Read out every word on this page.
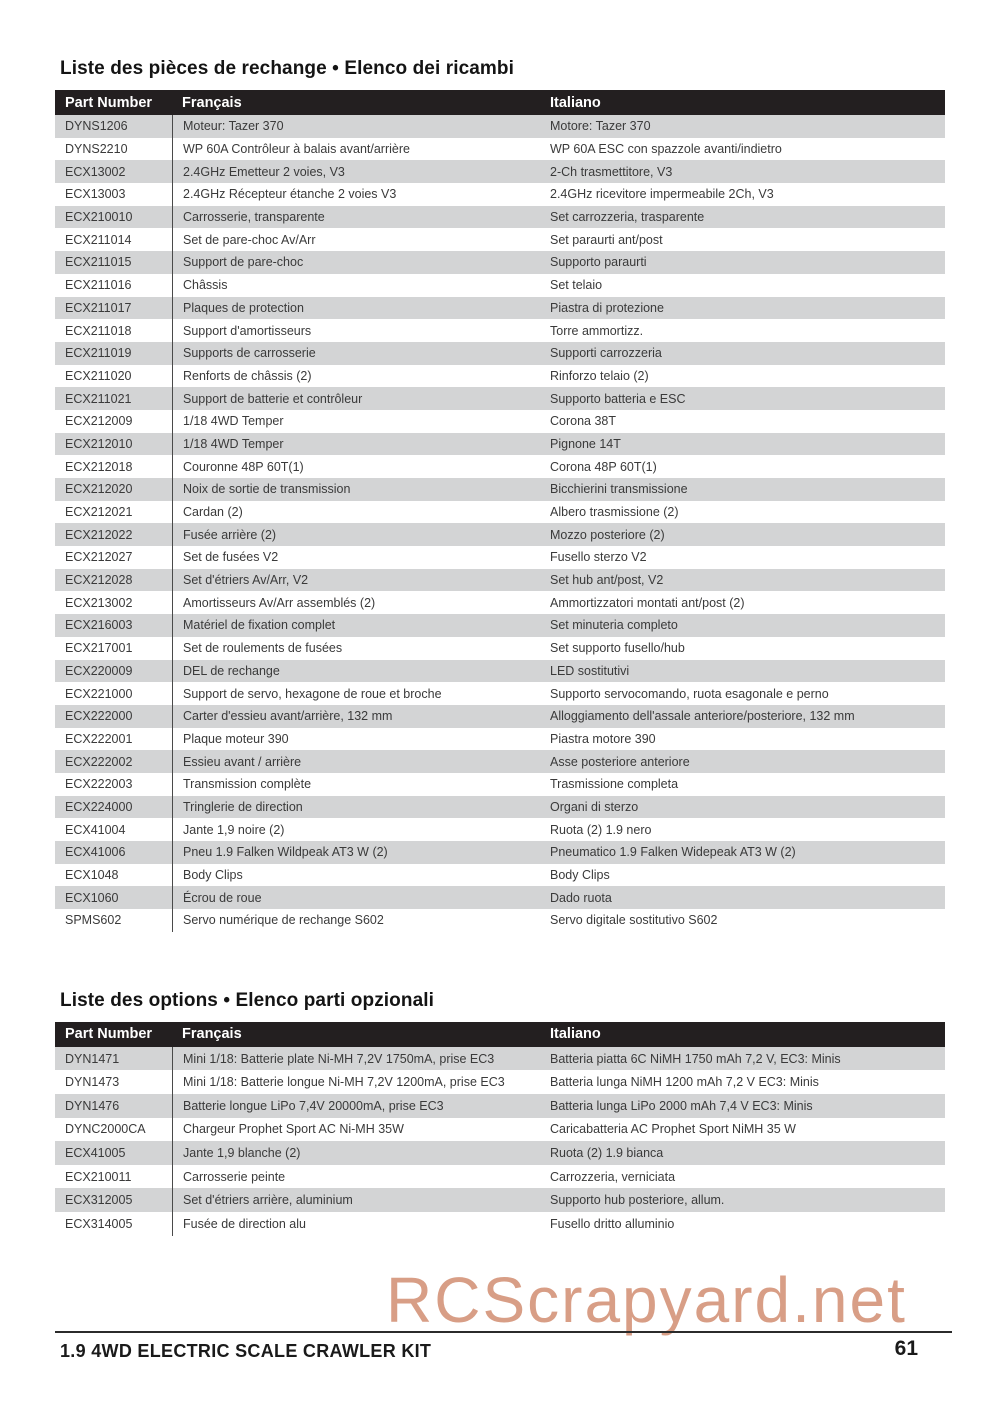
Liste des pièces de rechange • Elenco dei ricambi
Part Number	Français	Italiano
DYNS1206	Moteur: Tazer 370	Motore: Tazer 370
DYNS2210	WP 60A Contrôleur à balais avant/arrière	WP 60A ESC con spazzole avanti/indietro
ECX13002	2.4GHz Emetteur 2 voies, V3	2-Ch trasmettitore, V3
ECX13003	2.4GHz Récepteur étanche 2 voies V3	2.4GHz ricevitore impermeabile 2Ch, V3
ECX210010	Carrosserie, transparente	Set carrozzeria, trasparente
ECX211014	Set de pare-choc Av/Arr	Set paraurti ant/post
ECX211015	Support de pare-choc	Supporto paraurti
ECX211016	Châssis	Set telaio
ECX211017	Plaques de protection	Piastra di protezione
ECX211018	Support d'amortisseurs	Torre ammortizz.
ECX211019	Supports de carrosserie	Supporti carrozzeria
ECX211020	Renforts de châssis (2)	Rinforzo telaio (2)
ECX211021	Support de batterie et contrôleur	Supporto batteria e ESC
ECX212009	1/18 4WD Temper	Corona 38T
ECX212010	1/18 4WD Temper	Pignone 14T
ECX212018	Couronne 48P 60T(1)	Corona 48P 60T(1)
ECX212020	Noix de sortie de transmission	Bicchierini transmissione
ECX212021	Cardan (2)	Albero trasmissione (2)
ECX212022	Fusée arrière (2)	Mozzo posteriore (2)
ECX212027	Set de fusées V2	Fusello sterzo V2
ECX212028	Set d'étriers Av/Arr, V2	Set hub ant/post, V2
ECX213002	Amortisseurs Av/Arr assemblés (2)	Ammortizzatori montati ant/post (2)
ECX216003	Matériel de fixation complet	Set minuteria completo
ECX217001	Set de roulements de fusées	Set supporto fusello/hub
ECX220009	DEL de rechange	LED sostitutivi
ECX221000	Support de servo, hexagone de roue et broche	Supporto servocomando, ruota esagonale e perno
ECX222000	Carter d'essieu avant/arrière, 132 mm	Alloggiamento dell'assale anteriore/posteriore, 132 mm
ECX222001	Plaque moteur 390	Piastra motore 390
ECX222002	Essieu avant / arrière	Asse posteriore anteriore
ECX222003	Transmission complète	Trasmissione completa
ECX224000	Tringlerie de direction	Organi di sterzo
ECX41004	Jante 1,9 noire (2)	Ruota (2) 1.9 nero
ECX41006	Pneu 1.9 Falken Wildpeak AT3 W (2)	Pneumatico 1.9 Falken Widepeak AT3 W (2)
ECX1048	Body Clips	Body Clips
ECX1060	Écrou de roue	Dado ruota
SPMS602	Servo numérique de rechange S602	Servo digitale sostitutivo S602
Liste des options • Elenco parti opzionali
Part Number	Français	Italiano
DYN1471	Mini 1/18: Batterie plate Ni-MH 7,2V 1750mA, prise EC3	Batteria piatta 6C NiMH 1750 mAh 7,2 V, EC3: Minis
DYN1473	Mini 1/18: Batterie longue Ni-MH 7,2V 1200mA, prise EC3	Batteria lunga NiMH 1200 mAh 7,2 V EC3: Minis
DYN1476	Batterie longue LiPo 7,4V 20000mA, prise EC3	Batteria lunga LiPo 2000 mAh 7,4 V EC3: Minis
DYNC2000CA	Chargeur Prophet Sport AC Ni-MH 35W	Caricabatteria AC Prophet Sport NiMH 35 W
ECX41005	Jante 1,9 blanche (2)	Ruota (2) 1.9 bianca
ECX210011	Carrosserie peinte	Carrozzeria, verniciata
ECX312005	Set d'étriers arrière, aluminium	Supporto hub posteriore, allum.
ECX314005	Fusée de direction alu	Fusello dritto alluminio
RCScrapyard.net
1.9 4WD ELECTRIC SCALE CRAWLER KIT	61
